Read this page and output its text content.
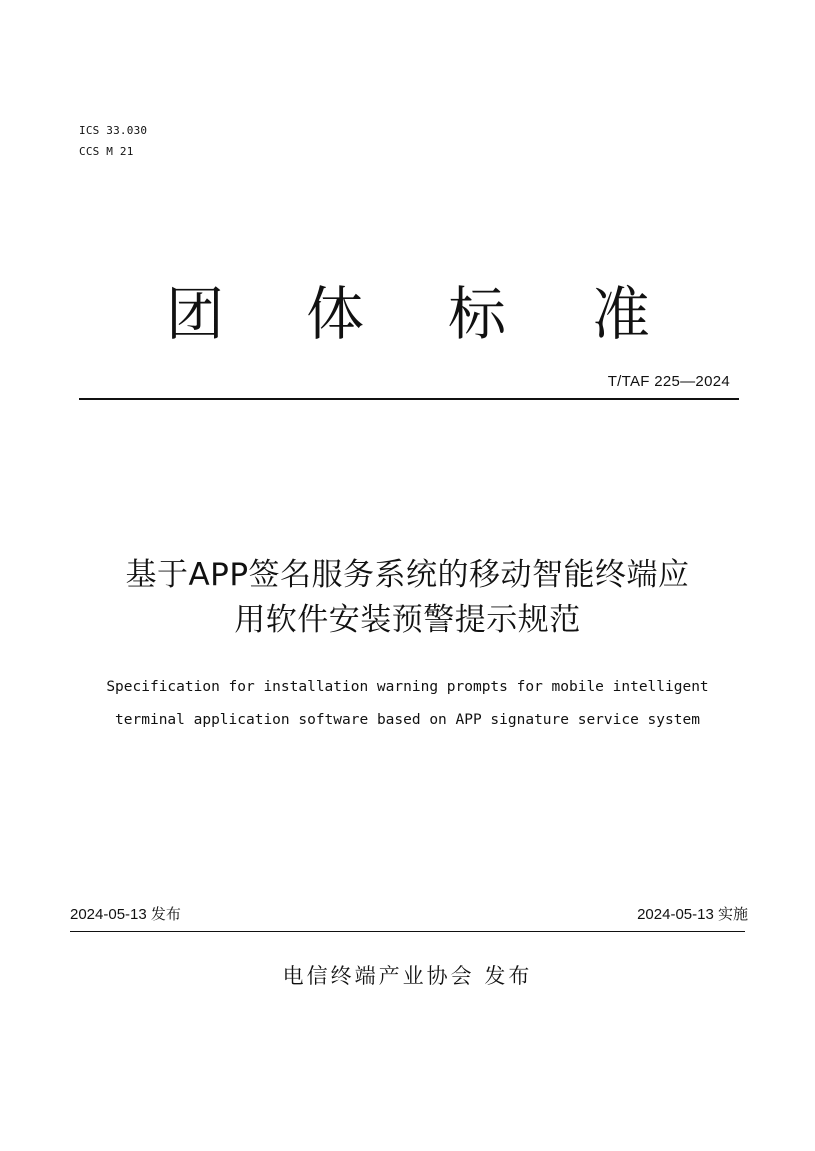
ICS 33.030
CCS M 21
团 体 标 准
T/TAF 225—2024
基于APP签名服务系统的移动智能终端应
用软件安装预警提示规范
Specification for installation warning prompts for mobile intelligent
terminal application software based on APP signature service system
2024-05-13 发布	2024-05-13 实施
电信终端产业协会 发布
